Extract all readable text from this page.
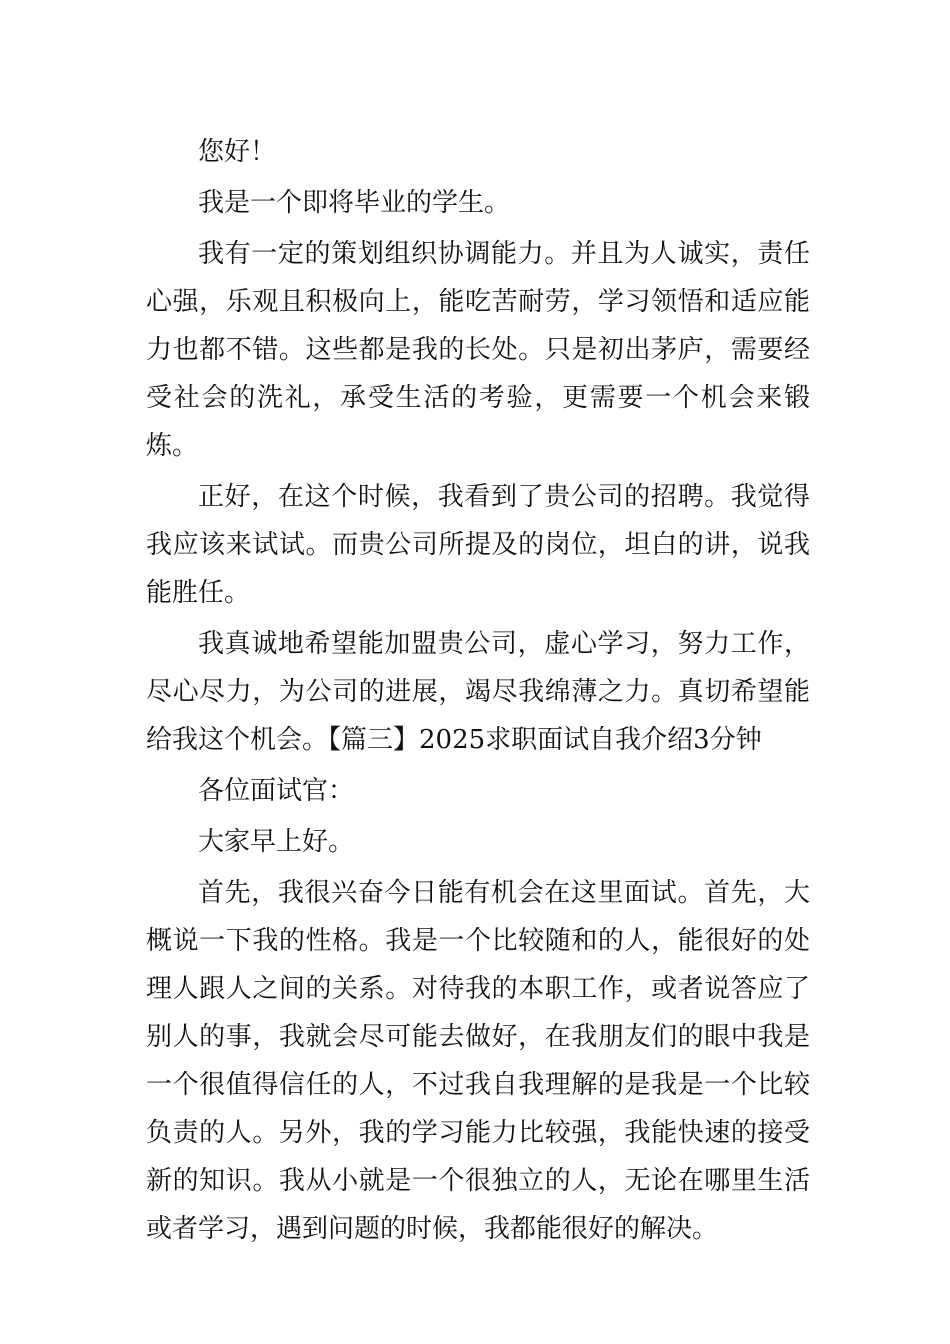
您好！

我是一个即将毕业的学生。

我有一定的策划组织协调能力。并且为人诚实，责任心强，乐观且积极向上，能吃苦耐劳，学习领悟和适应能力也都不错。这些都是我的长处。只是初出茅庐，需要经受社会的洗礼，承受生活的考验，更需要一个机会来锻炼。

正好，在这个时候，我看到了贵公司的招聘。我觉得我应该来试试。而贵公司所提及的岗位，坦白的讲，说我能胜任。

我真诚地希望能加盟贵公司，虚心学习，努力工作，尽心尽力，为公司的进展，竭尽我绵薄之力。真切希望能给我这个机会。【篇三】2025求职面试自我介绍3分钟

各位面试官：

大家早上好。

首先，我很兴奋今日能有机会在这里面试。首先，大概说一下我的性格。我是一个比较随和的人，能很好的处理人跟人之间的关系。对待我的本职工作，或者说答应了别人的事，我就会尽可能去做好，在我朋友们的眼中我是一个很值得信任的人，不过我自我理解的是我是一个比较负责的人。另外，我的学习能力比较强，我能快速的接受新的知识。我从小就是一个很独立的人，无论在哪里生活或者学习，遇到问题的时候，我都能很好的解决。
